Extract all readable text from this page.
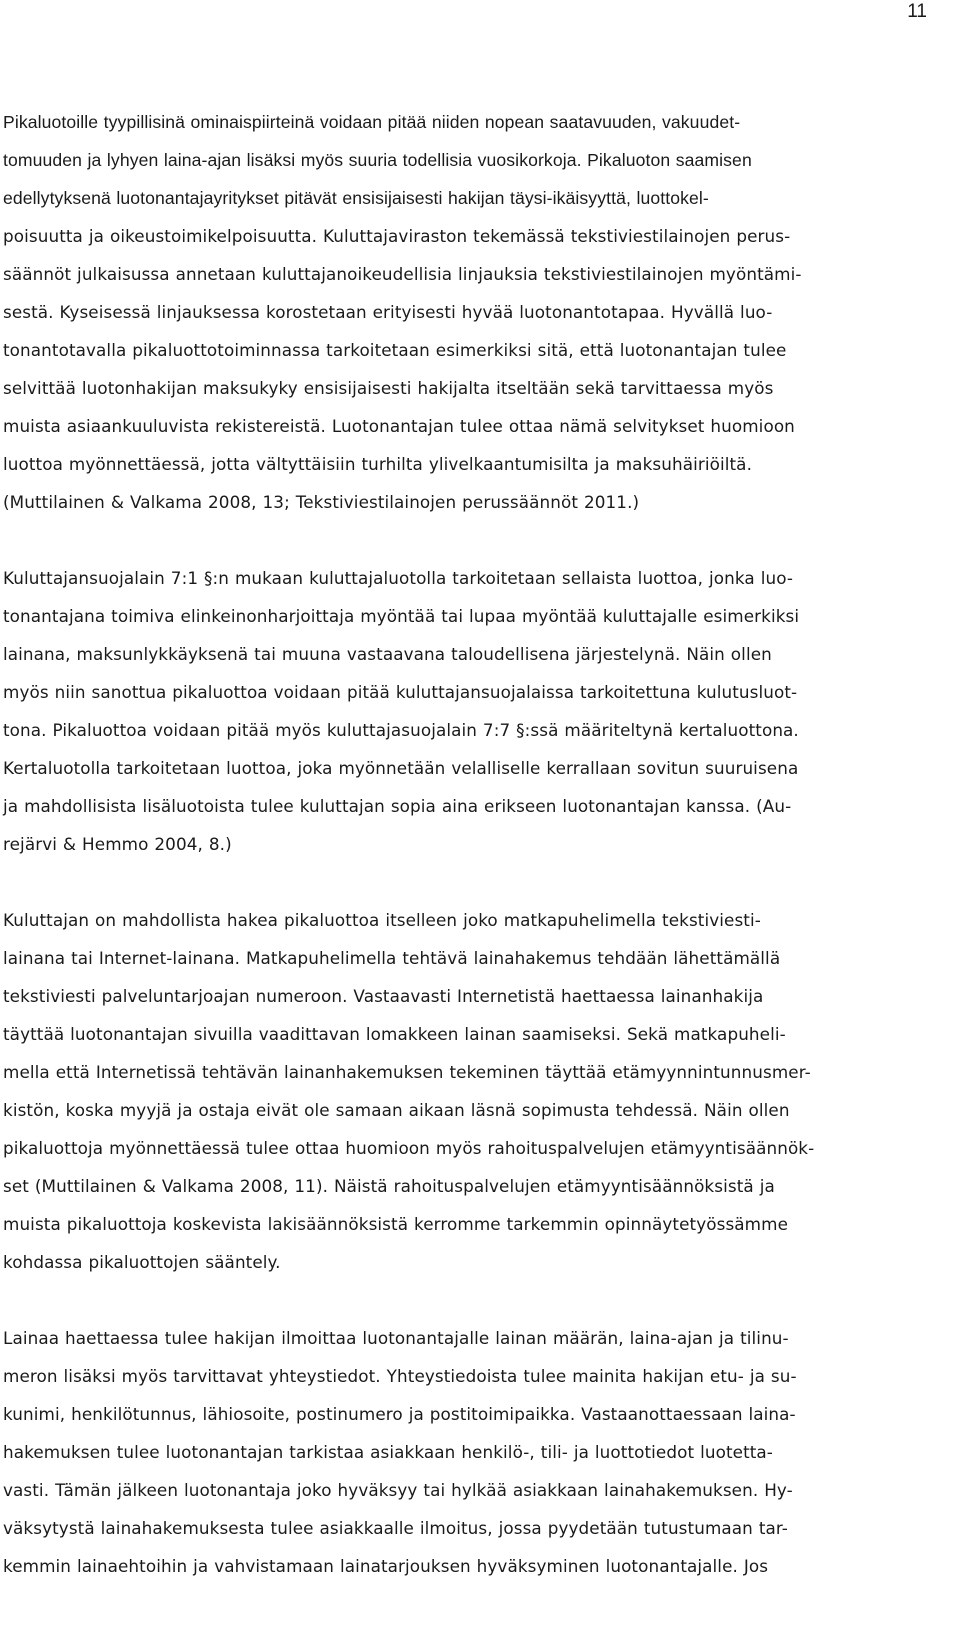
11
Pikaluotoille tyypillisinä ominaispiirteinä voidaan pitää niiden nopean saatavuuden, vakuudet-
tomuuden ja lyhyen laina-ajan lisäksi myös suuria todellisia vuosikorkoja. Pikaluoton saamisen
edellytyksenä luotonantajayritykset pitävät ensisijaisesti hakijan täysi-ikäisyyttä, luottokel-
poisuutta ja oikeustoimikelpoisuutta. Kuluttajaviraston tekemässä tekstiviestilainojen perus-
säännöt julkaisussa annetaan kuluttajanoikeudellisia linjauksia tekstiviestilainojen myöntämi-
sestä. Kyseisessä linjauksessa korostetaan erityisesti hyvää luotonantotapaa. Hyvällä luo-
tonantotavalla pikaluottotoiminnassa tarkoitetaan esimerkiksi sitä, että luotonantajan tulee
selvittää luotonhakijan maksukyky ensisijaisesti hakijalta itseltään sekä tarvittaessa myös
muista asiaankuuluvista rekistereistä. Luotonantajan tulee ottaa nämä selvitykset huomioon
luottoa myönnettäessä, jotta vältyttäisiin turhilta ylivelkaantumisilta ja maksuhäiriöiltä.
(Muttilainen & Valkama 2008, 13; Tekstiviestilainojen perussäännöt 2011.)
Kuluttajansuojalain 7:1 §:n mukaan kuluttajaluotolla tarkoitetaan sellaista luottoa, jonka luo-
tonantajana toimiva elinkeinonharjoittaja myöntää tai lupaa myöntää kuluttajalle esimerkiksi
lainana, maksunlykkäyksenä tai muuna vastaavana taloudellisena järjestelynä. Näin ollen
myös niin sanottua pikaluottoa voidaan pitää kuluttajansuojalaissa tarkoitettuna kulutusluot-
tona. Pikaluottoa voidaan pitää myös kuluttajasuojalain 7:7 §:ssä määriteltynä kertaluottona.
Kertaluotolla tarkoitetaan luottoa, joka myönnetään velalliselle kerrallaan sovitun suuruisena
ja mahdollisista lisäluotoista tulee kuluttajan sopia aina erikseen luotonantajan kanssa. (Au-
rejärvi & Hemmo 2004, 8.)
Kuluttajan on mahdollista hakea pikaluottoa itselleen joko matkapuhelimella tekstiviesti-
lainana tai Internet-lainana. Matkapuhelimella tehtävä lainahakemus tehdään lähettämällä
tekstiviesti palveluntarjoajan numeroon. Vastaavasti Internetistä haettaessa lainanhakija
täyttää luotonantajan sivuilla vaadittavan lomakkeen lainan saamiseksi. Sekä matkapuheli-
mella että Internetissä tehtävän lainanhakemuksen tekeminen täyttää etämyynnintunnusmer-
kistön, koska myyjä ja ostaja eivät ole samaan aikaan läsnä sopimusta tehdessä. Näin ollen
pikaluottoja myönnettäessä tulee ottaa huomioon myös rahoituspalvelujen etämyyntisäännök-
set (Muttilainen & Valkama 2008, 11). Näistä rahoituspalvelujen etämyyntisäännöksistä ja
muista pikaluottoja koskevista lakisäännöksistä kerromme tarkemmin opinnäytetyössämme
kohdassa pikaluottojen sääntely.
Lainaa haettaessa tulee hakijan ilmoittaa luotonantajalle lainan määrän, laina-ajan ja tilinu-
meron lisäksi myös tarvittavat yhteystiedot. Yhteystiedoista tulee mainita hakijan etu- ja su-
kunimi, henkilötunnus, lähiosoite, postinumero ja postitoimipaikka. Vastaanottaessaan laina-
hakemuksen tulee luotonantajan tarkistaa asiakkaan henkilö-, tili- ja luottotiedot luotetta-
vasti. Tämän jälkeen luotonantaja joko hyväksyy tai hylkää asiakkaan lainahakemuksen. Hy-
väksytystä lainahakemuksesta tulee asiakkaalle ilmoitus, jossa pyydetään tutustumaan tar-
kemmin lainaehtoihin ja vahvistamaan lainatarjouksen hyväksyminen luotonantajalle. Jos
